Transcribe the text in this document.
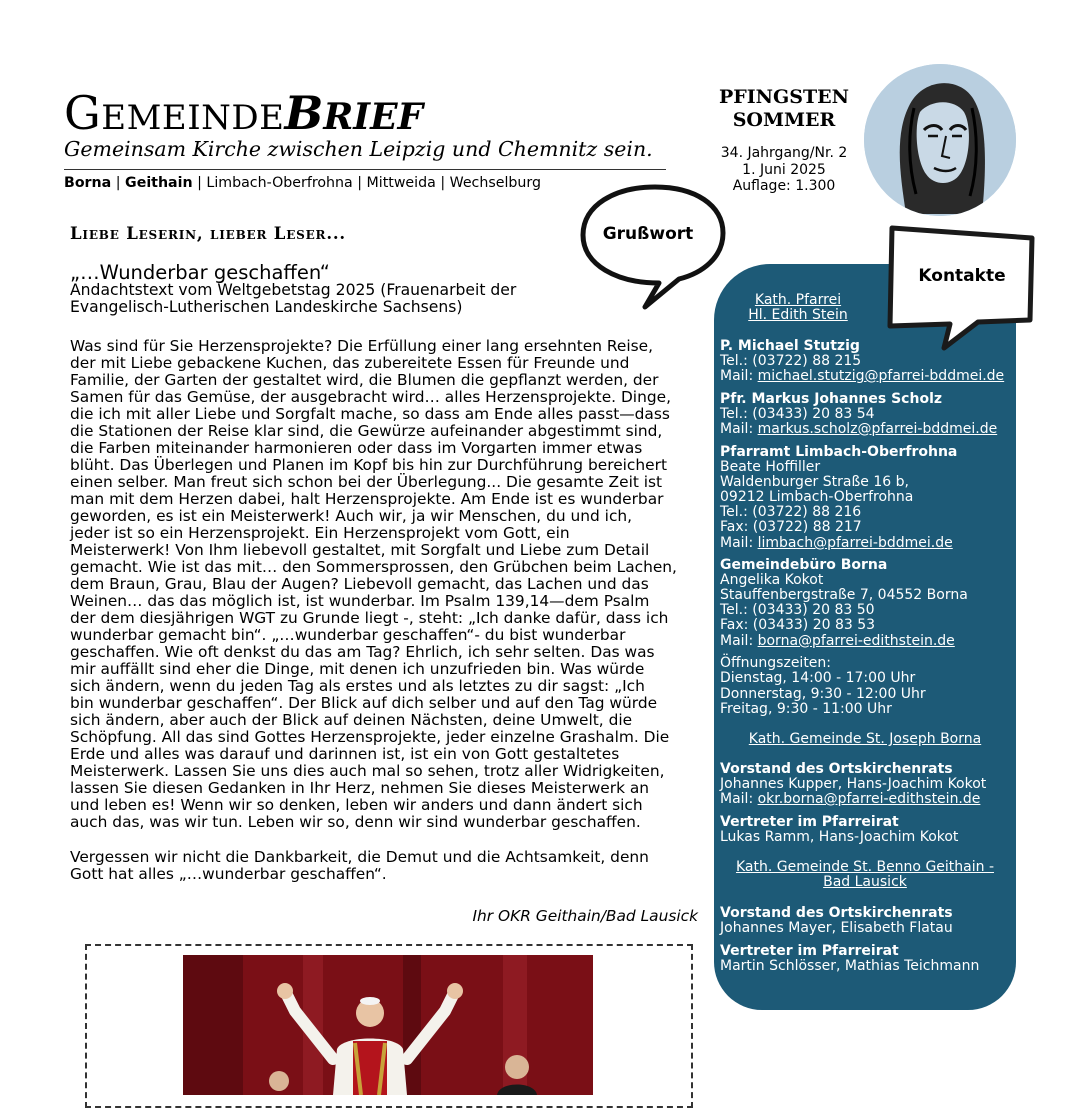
GEMEINDEBRIEF
Gemeinsam Kirche zwischen Leipzig und Chemnitz sein.
Borna | Geithain | Limbach-Oberfrohna | Mittweida | Wechselburg
PFINGSTEN
SOMMER
34. Jahrgang/Nr. 2
1. Juni 2025
Auflage: 1.300
Grußwort
Liebe Leserin, lieber Leser...
„…Wunderbar geschaffen“
Andachtstext vom Weltgebetstag 2025 (Frauenarbeit der
Evangelisch-Lutherischen Landeskirche Sachsens)

Was sind für Sie Herzensprojekte? Die Erfüllung einer lang ersehnten Reise,
der mit Liebe gebackene Kuchen, das zubereitete Essen für Freunde und
Familie, der Garten der gestaltet wird, die Blumen die gepflanzt werden, der
Samen für das Gemüse, der ausgebracht wird… alles Herzensprojekte. Dinge,
die ich mit aller Liebe und Sorgfalt mache, so dass am Ende alles passt—dass
die Stationen der Reise klar sind, die Gewürze aufeinander abgestimmt sind,
die Farben miteinander harmonieren oder dass im Vorgarten immer etwas
blüht. Das Überlegen und Planen im Kopf bis hin zur Durchführung bereichert
einen selber. Man freut sich schon bei der Überlegung... Die gesamte Zeit ist
man mit dem Herzen dabei, halt Herzensprojekte. Am Ende ist es wunderbar
geworden, es ist ein Meisterwerk! Auch wir, ja wir Menschen, du und ich,
jeder ist so ein Herzensprojekt. Ein Herzensprojekt vom Gott, ein
Meisterwerk! Von Ihm liebevoll gestaltet, mit Sorgfalt und Liebe zum Detail
gemacht. Wie ist das mit… den Sommersprossen, den Grübchen beim Lachen,
dem Braun, Grau, Blau der Augen? Liebevoll gemacht, das Lachen und das
Weinen… das das möglich ist, ist wunderbar. Im Psalm 139,14—dem Psalm
der dem diesjährigen WGT zu Grunde liegt -, steht: „Ich danke dafür, dass ich
wunderbar gemacht bin“. „…wunderbar geschaffen“- du bist wunderbar
geschaffen. Wie oft denkst du das am Tag? Ehrlich, ich sehr selten. Das was
mir auffällt sind eher die Dinge, mit denen ich unzufrieden bin. Was würde
sich ändern, wenn du jeden Tag als erstes und als letztes zu dir sagst: „Ich
bin wunderbar geschaffen“. Der Blick auf dich selber und auf den Tag würde
sich ändern, aber auch der Blick auf deinen Nächsten, deine Umwelt, die
Schöpfung. All das sind Gottes Herzensprojekte, jeder einzelne Grashalm. Die
Erde und alles was darauf und darinnen ist, ist ein von Gott gestaltetes
Meisterwerk. Lassen Sie uns dies auch mal so sehen, trotz aller Widrigkeiten,
lassen Sie diesen Gedanken in Ihr Herz, nehmen Sie dieses Meisterwerk an
und leben es! Wenn wir so denken, leben wir anders und dann ändert sich
auch das, was wir tun. Leben wir so, denn wir sind wunderbar geschaffen.

Vergessen wir nicht die Dankbarkeit, die Demut und die Achtsamkeit, denn
Gott hat alles „…wunderbar geschaffen“.

Ihr OKR Geithain/Bad Lausick
Kontakte
Kath. Pfarrei
Hl. Edith Stein
P. Michael Stutzig
Tel.: (03722) 88 215
Mail: michael.stutzig@pfarrei-bddmei.de
Pfr. Markus Johannes Scholz
Tel.: (03433) 20 83 54
Mail: markus.scholz@pfarrei-bddmei.de
Pfarramt Limbach-Oberfrohna
Beate Hoffiller
Waldenburger Straße 16 b,
09212 Limbach-Oberfrohna
Tel.: (03722) 88 216
Fax: (03722) 88 217
Mail: limbach@pfarrei-bddmei.de
Gemeindebüro Borna
Angelika Kokot
Stauffenbergstraße 7, 04552 Borna
Tel.: (03433) 20 83 50
Fax: (03433) 20 83 53
Mail: borna@pfarrei-edithstein.de
Öffnungszeiten:
Dienstag, 14:00 - 17:00 Uhr
Donnerstag, 9:30 - 12:00 Uhr
Freitag, 9:30 - 11:00 Uhr
Kath. Gemeinde St. Joseph Borna
Vorstand des Ortskirchenrats
Johannes Kupper, Hans-Joachim Kokot
Mail: okr.borna@pfarrei-edithstein.de
Vertreter im Pfarreirat
Lukas Ramm, Hans-Joachim Kokot
Kath. Gemeinde St. Benno Geithain -
Bad Lausick
Vorstand des Ortskirchenrats
Johannes Mayer, Elisabeth Flatau
Vertreter im Pfarreirat
Martin Schlösser, Mathias Teichmann
